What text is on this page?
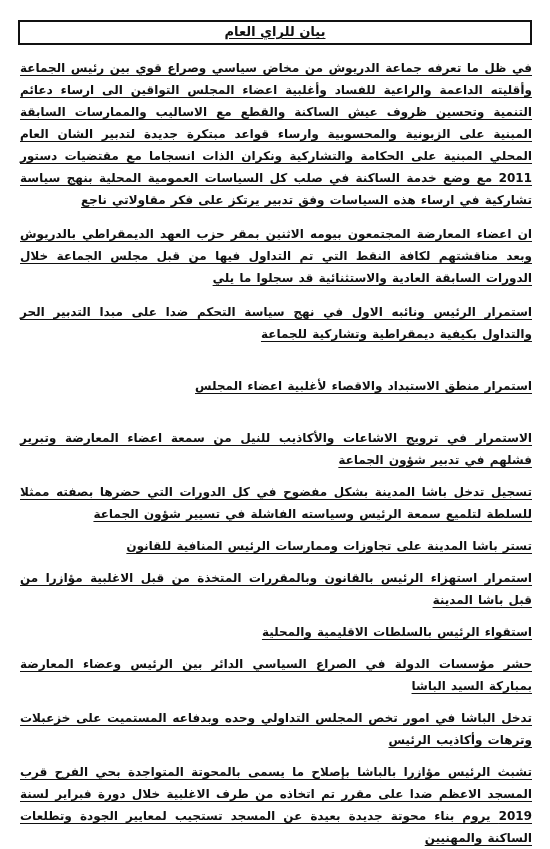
بيان للراي العام

في ظل ما تعرفه جماعة الدريوش من مخاض سياسي وصراع قوي بين رئيس الجماعة وأقليته الداعمة والراعية للفساد وأغلبية اعضاء المجلس التواقين الى ارساء دعائم التنمية وتحسين ظروف عيش الساكنة والقطع مع الاساليب والممارسات السابقة المبنية على الزبونية والمحسوبية وارساء قواعد مبتكرة جديدة لتدبير الشان العام المحلي المبنية على الحكامة والتشاركية ونكران الذات انسجاما مع مقتضيات دستور 2011 مع وضع خدمة الساكنة في صلب كل السياسات العمومية المحلية بنهج سياسة تشاركية في ارساء هذه السياسات وفق تدبير يرتكز على فكر مقاولاتي ناجع

ان اعضاء المعارضة المجتمعون بيومه الاثنين بمقر حزب العهد الديمقراطي بالدريوش وبعد مناقشتهم لكافة النقط التي تم التداول فيها من قبل مجلس الجماعة خلال الدورات السابقة العادية والاستثنائية قد سجلوا ما يلي

استمرار الرئيس ونائبه الاول في نهج سياسة التحكم ضدا على مبدا التدبير الحر والتداول بكيفية ديمقراطية وتشاركية للجماعة

استمرار منطق الاستبداد والاقصاء لأغلبية اعضاء المجلس

الاستمرار في ترويج الاشاعات والأكاذيب للنيل من سمعة اعضاء المعارضة وتبرير فشلهم في تدبير شؤون الجماعة

تسجيل تدخل باشا المدينة بشكل مفضوح في كل الدورات التي حضرها بصفته ممثلا للسلطة لتلميع سمعة الرئيس وسياسته الفاشلة في تسيير شؤون الجماعة

تستر باشا المدينة على تجاوزات وممارسات الرئيس المنافية للقانون

استمرار استهزاء الرئيس بالقانون وبالمقررات المتخذة من قبل الاغلبية مؤازرا من قبل باشا المدينة

استقواء الرئيس بالسلطات الاقليمية والمحلية

حشر مؤسسات الدولة في الصراع السياسي الدائر بين الرئيس وعضاء المعارضة بمباركة السيد الباشا

تدخل الباشا في امور تخص المجلس التداولي وحده وبدفاعه المستميت على خزعبلات وترهات وأكاذيب الرئيس

تشبث الرئيس مؤازرا بالباشا بإصلاح ما يسمى بالمحوتة المتواجدة بحي الفرح قرب المسجد الاعظم ضدا على مقرر تم اتخاذه من طرف الاغلبية خلال دورة فبراير لسنة 2019 يروم بناء محوتة جديدة بعيدة عن المسجد تستجيب لمعايير الجودة وتطلعات الساكنة والمهنيين
